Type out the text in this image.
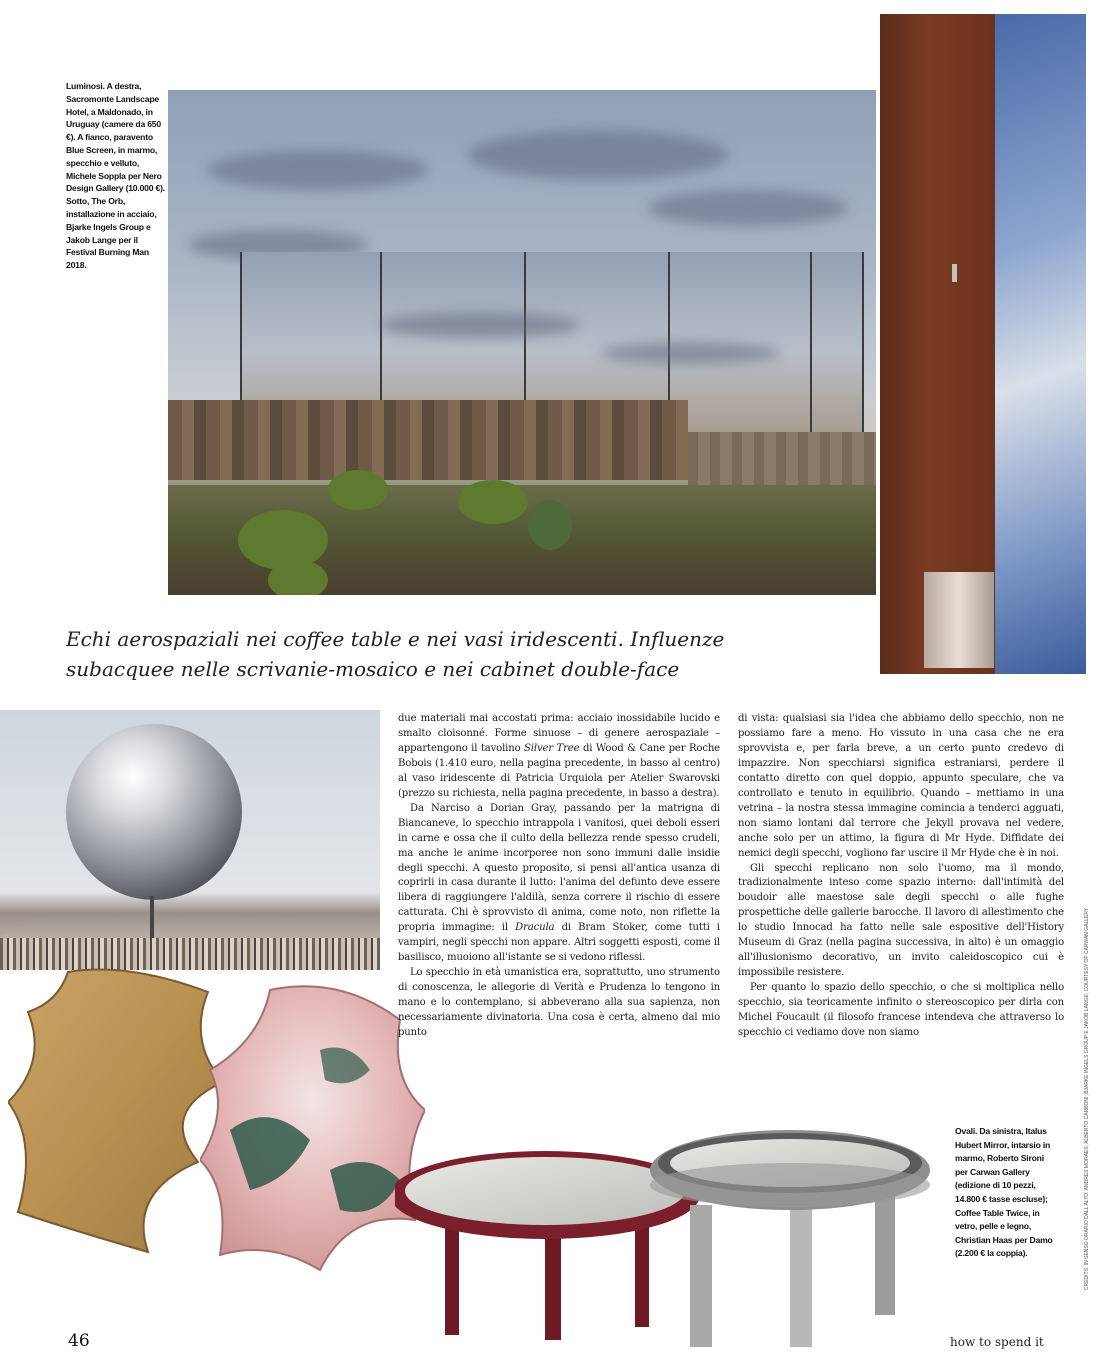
Luminosi. A destra, Sacromonte Landscape Hotel, a Maldonado, in Uruguay (camere da 650 €). A fianco, paravento Blue Screen, in marmo, specchio e velluto, Michele Soppla per Nero Design Gallery (10.000 €). Sotto, The Orb, installazione in acciaio, Bjarke Ingels Group e Jakob Lange per il Festival Burning Man 2018.
Echi aerospaziali nei coffee table e nei vasi iridescenti. Influenze subacquee nelle scrivanie-mosaico e nei cabinet double-face

due materiali mai accostati prima: acciaio inossidabile lucido e smalto cloisonné. Forme sinuose – di genere aerospaziale – appartengono il tavolino Silver Tree di Wood & Cane per Roche Bobois (1.410 euro, nella pagina precedente, in basso al centro) al vaso iridescente di Patricia Urquiola per Atelier Swarovski (prezzo su richiesta, nella pagina precedente, in basso a destra).

Da Narciso a Dorian Gray, passando per la matrigna di Biancaneve, lo specchio intrappola i vanitosi, quei deboli esseri in carne e ossa che il culto della bellezza rende spesso crudeli, ma anche le anime incorporee non sono immuni dalle insidie degli specchi. A questo proposito, si pensi all'antica usanza di coprirli in casa durante il lutto: l'anima del defunto deve essere libera di raggiungere l'aldilà, senza correre il rischio di essere catturata. Chi è sprovvisto di anima, come noto, non riflette la propria immagine: il Dracula di Bram Stoker, come tutti i vampiri, negli specchi non appare. Altri soggetti esposti, come il basilisco, muoiono all'istante se si vedono riflessi.

Lo specchio in età umanistica era, soprattutto, uno strumento di conoscenza, le allegorie di Verità e Prudenza lo tengono in mano e lo contemplano, si abbeverano alla sua sapienza, non necessariamente divinatoria. Una cosa è certa, almeno dal mio punto

di vista: qualsiasi sia l'idea che abbiamo dello specchio, non ne possiamo fare a meno. Ho vissuto in una casa che ne era sprovvista e, per farla breve, a un certo punto credevo di impazzire. Non specchiarsi significa estraniarsi, perdere il contatto diretto con quel doppio, appunto speculare, che va controllato e tenuto in equilibrio. Quando – mettiamo in una vetrina – la nostra stessa immagine comincia a tenderci agguati, non siamo lontani dal terrore che Jekyll provava nel vedere, anche solo per un attimo, la figura di Mr Hyde. Diffidate dei nemici degli specchi, vogliono far uscire il Mr Hyde che è in noi.

Gli specchi replicano non solo l'uomo, ma il mondo, tradizionalmente inteso come spazio interno: dall'intimità del boudoir alle maestose sale degli specchi o alle fughe prospettiche delle gallerie barocche. Il lavoro di allestimento che lo studio Innocad ha fatto nelle sale espositive dell'History Museum di Graz (nella pagina successiva, in alto) è un omaggio all'illusionismo decorativo, un invito caleidoscopico cui è impossibile resistere.

Per quanto lo spazio dello specchio, o che si moltiplica nello specchio, sia teoricamente infinito o stereoscopico per dirla con Michel Foucault (il filosofo francese intendeva che attraverso lo specchio ci vediamo dove non siamo

Ovali. Da sinistra, Italus Hubert Mirror, intarsio in marmo, Roberto Sironi per Carwan Gallery (edizione di 10 pezzi, 14.800 € tasse escluse); Coffee Table Twice, in vetro, pelle e legno, Christian Haas per Damo (2.200 € la coppia).	CREDITS: IN SENSO ORARIO DALL'ALTO: ANDRES MORAES; ALBERTO CARBONI; BJARKE INGELS GROUP E JAKOB LANGE; COURTESY OF CARWAN GALLERY
46	how to spend it
